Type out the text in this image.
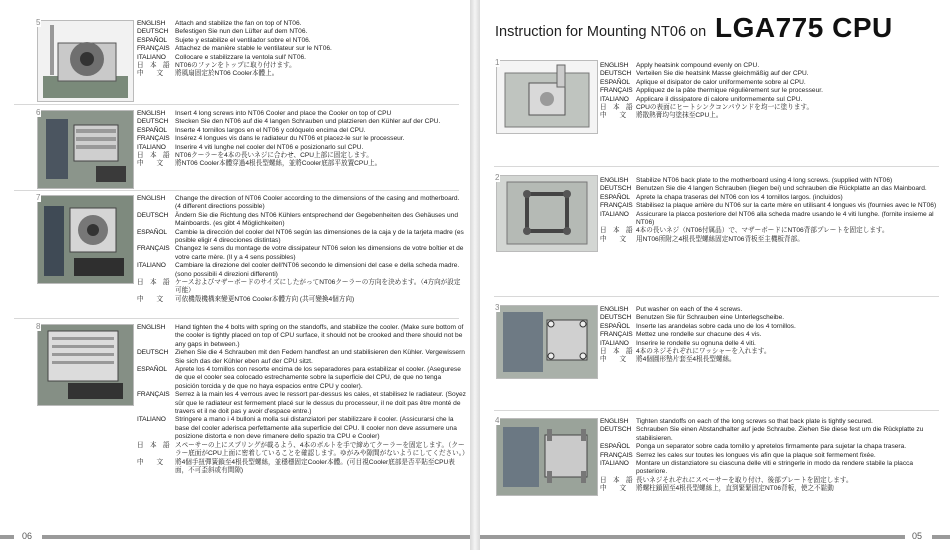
5	ENGLISH	Attach and stabilize the fan on top of NT06.
DEUTSCH	Befestigen Sie nun den Lüfter auf dem NT06.
ESPAÑOL	Sujete y estabilize el ventilador sobre el NT06.
FRANÇAIS Attachez de manière stable le ventilateur sur le NT06.
ITALIANO	Collocare e stabilizzare la ventola sull' NT06.
日　本　語 NT06のファンをトップに取り付けます。
中　　文	將風扇固定於NT06 Cooler本體上。
6	ENGLISH	Insert 4 long screws into NT06 Cooler and place the Cooler on top of CPU
DEUTSCH	Stecken Sie den NT06 auf die 4 langen Schrauben und platzieren den Kühler auf der CPU.
ESPAÑOL	Inserte 4 tornillos largos en el NT06 y colóquelo encima del CPU.
FRANÇAIS Insérez 4 longues vis dans le radiateur du NT06 et placez-le sur le processeur.
ITALIANO	Inserire 4 viti lunghe nel cooler del NT06 e posizionarlo sul CPU.
日　本　語 NT06クーラーを4本の長いネジに合わせ、CPU上部に固定します。
中　　文	將NT06 Cooler本體穿過4根長型螺絲，並將Cooler底部平放置CPU上。
7	ENGLISH	Change the direction of NT06 Cooler according to the dimensions of the casing and motherboard. (4 different directions possible)
DEUTSCH	Ändern Sie die Richtung des NT06 Kühlers entsprechend der Gegebenheiten des Gehäuses und Mainboards. (es gibt 4 Möglichkeiten)
ESPAÑOL	Cambie la dirección del cooler del NT06 según las dimensiones de la caja y de la tarjeta madre (es posible eligir 4 direcciones distintas)
FRANÇAIS Changez le sens du montage de votre dissipateur NT06 selon les dimensions de votre boîtier et de votre carte mère. (Il y a 4 sens possibles)
ITALIANO	Cambiare la direzione del cooler dell'NT06 secondo le dimensioni del case e della scheda madre. (sono possibili 4 direzioni differenti)
日　本　語 ケースおよびマザーボードのサイズにしたがってNT06クーラーの方向を決めます。（4方向が設定可能）
中　　文	可依機殼機構來變更NT06 Cooler本體方向 (共可變換4個方向)
8	ENGLISH	Hand tighten the 4 bolts with spring on the standoffs, and stabilize the cooler. (Make sure bottom of the cooler is tightly placed on top of CPU surface, it should not be crooked and there should not be any gaps in between.)
DEUTSCH	Ziehen Sie die 4 Schrauben mit den Federn handfest an und stabilisieren den Kühler. Vergewissern Sie sich das der Kühler eben auf der CPU sitzt.
ESPAÑOL	Aprete los 4 tornillos con resorte encima de los separadores para estabilizar el cooler. (Asegurese de que el cooler sea colocado estrechamente sobre la superficie del CPU, de que no tenga posición torcida y de que no haya espacios entre CPU y cooler).
FRANÇAIS Serrez à la main les 4 verrous avec le ressort par-dessus les cales, et stabilisez le radiateur. (Soyez sûr que le radiateur est fermement placé sur le dessus du processeur, il ne doit pas être monté de travers et il ne doit pas y avoir d'espace entre.)
ITALIANO	Stringere a mano i 4 bulloni a molla sui distanziatori per stabilizzare il cooler. (Assicurarsi che la base del cooler aderisca perfettamente alla superficie del CPU. Il cooler non deve assumere una posizione distorta e non deve rimanere dello spazio tra CPU e Cooler)
日　本　語 スペーサーの上にスプリングが載るよう、4本のボルトを手で締めてクーラーを固定します。（クーラー底面がCPU上面に密着していることを確認します。ゆがみや隙間がないようにしてください。）
中　　文	將4個手扭彈簧鎖至4根長型螺絲，並穩穩固定Cooler本體。(可目視Cooler底部是否平貼至CPU表面，不可歪斜或有間隙)
06
Instruction for Mounting NT06 on LGA775 CPU
1	ENGLISH	Apply heatsink compound evenly on CPU.
DEUTSCH Verteilen Sie die heatsink Masse gleichmäßig auf der CPU.
ESPAÑOL Aplique el disipator de calor uniformemente sobre al CPU.
FRANÇAIS Appliquez de la pâte thermique régulièrement sur le processeur.
ITALIANO	Applicare il dissipatore di calore uniformemente sul CPU.
日　本　語 CPUの表面にヒートシンクコンパウンドを均一に塗ります。
中　　文	將散熱膏均勻塗抹至CPU上。
2	ENGLISH	Stabilize NT06 back plate to the motherboard using 4 long screws. (supplied with NT06)
DEUTSCH Benutzen Sie die 4 langen Schrauben (liegen bei) und schrauben die Rückplatte an das Mainboard.
ESPAÑOL Aprete la chapa traseras del NT06 con los 4 tornillos largos. (incluidos)
FRANÇAIS Stabilisez la plaque arrière du NT06 sur la carte mère en utilisant 4 longues vis (fournies avec le NT06)
ITALIANO	Assicurare la placca posteriore del NT06 alla scheda madre usando le 4 viti lunghe. (fornite insieme al NT06)
日　本　語 4本の長いネジ（NT06付属品）で、マザーボードにNT06背部プレートを固定します。
中　　文	用NT06所附之4根長型螺絲固定NT06背板至主機板背部。
3	ENGLISH	Put washer on each of the 4 screws.
DEUTSCH Benutzen Sie für Schrauben eine Unterlegscheibe.
ESPAÑOL Inserte las arandelas sobre cada uno de los 4 tornillos.
FRANÇAIS Mettez une rondelle sur chacune des 4 vis.
ITALIANO	Inserire le rondelle su ognuna delle 4 viti.
日　本　語 4本のネジそれぞれにワッシャーを入れます。
中　　文	將4個圓形墊片套至4根長型螺絲。
4	ENGLISH	Tighten standoffs on each of the long screws so that back plate is tightly secured.
DEUTSCH Schrauben Sie einen Abstandhalter auf jede Schraube. Ziehen Sie diese fest um die Rückplatte zu stabilisieren.
ESPAÑOL Ponga un separator sobre cada tornillo y apretelos firmamente para sujetar la chapa trasera.
FRANÇAIS Serrez les cales sur toutes les longues vis afin que la plaque soit fermement fixée.
ITALIANO	Montare un distanziatore su ciascuna delle viti e stringerle in modo da rendere stabile la placca posteriore.
日　本　語 長いネジそれぞれにスペーサーを取り付け、後部プレートを固定します。
中　　文	將螺柱鎖固至4根長型螺絲上，直到緊緊固定NT06背板，使之不鬆動
05
